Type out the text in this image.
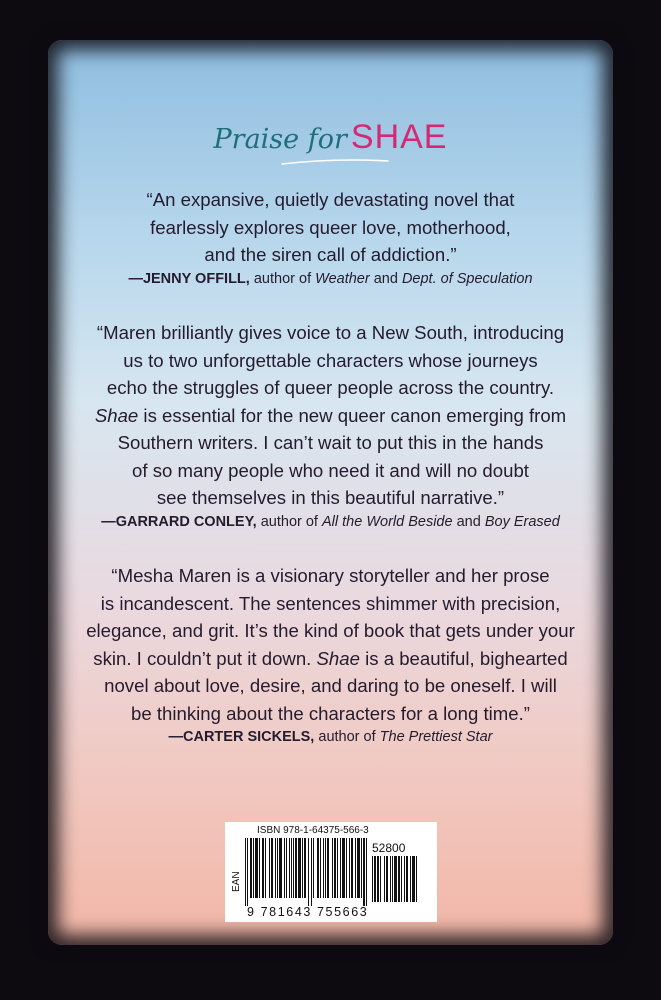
Praise for SHAE

“An expansive, quietly devastating novel that

fearlessly explores queer love, motherhood,

and the siren call of addiction.”

—JENNY OFFILL, author of Weather and Dept. of Speculation

“Maren brilliantly gives voice to a New South, introducing

us to two unforgettable characters whose journeys

echo the struggles of queer people across the country.

Shae is essential for the new queer canon emerging from

Southern writers. I can’t wait to put this in the hands

of so many people who need it and will no doubt

see themselves in this beautiful narrative.”

—GARRARD CONLEY, author of All the World Beside and Boy Erased

“Mesha Maren is a visionary storyteller and her prose

is incandescent. The sentences shimmer with precision,

elegance, and grit. It’s the kind of book that gets under your

skin. I couldn’t put it down. Shae is a beautiful, bighearted

novel about love, desire, and daring to be oneself. I will

be thinking about the characters for a long time.”

—CARTER SICKELS, author of The Prettiest Star
ISBN 978-1-64375-566-3
EAN
52800
9 781643 755663
